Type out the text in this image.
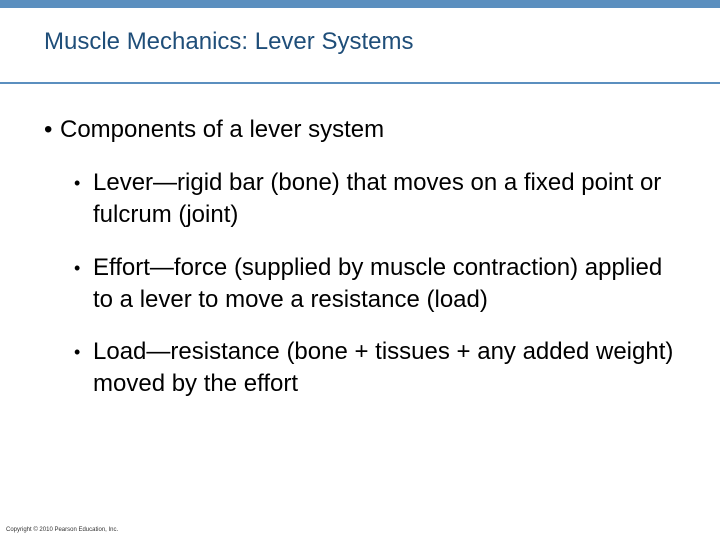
Muscle Mechanics: Lever Systems
• Components of a lever system
• Lever—rigid bar (bone) that moves on a fixed point or fulcrum (joint)
• Effort—force (supplied by muscle contraction) applied to a lever to move a resistance (load)
• Load—resistance (bone + tissues + any added weight) moved by the effort
Copyright © 2010 Pearson Education, Inc.
